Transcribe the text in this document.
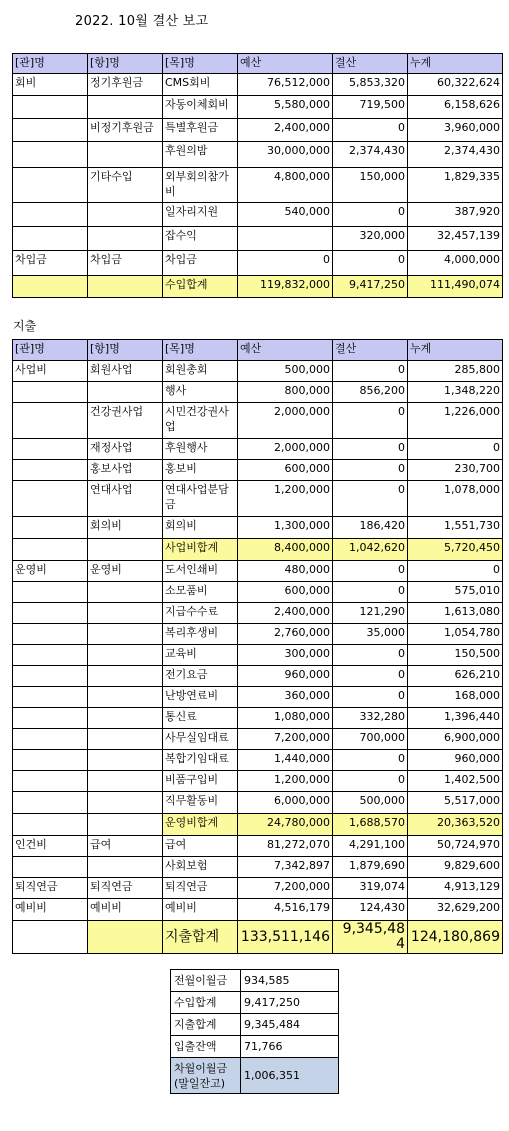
2022. 10월 결산 보고
[관]명	[항]명	[목]명	예산	결산	누계
회비	정기후원금	CMS회비	76,512,000	5,853,320	60,322,624
		자동이체회비	5,580,000	719,500	6,158,626
	비정기후원금	특별후원금	2,400,000	0	3,960,000
		후원의밤	30,000,000	2,374,430	2,374,430
	기타수입	외부회의참가비	4,800,000	150,000	1,829,335
		일자리지원	540,000	0	387,920
		잡수익		320,000	32,457,139
차입금	차입금	차입금	0	0	4,000,000
		수입합계	119,832,000	9,417,250	111,490,074
지출
[관]명	[항]명	[목]명	예산	결산	누계
사업비	회원사업	회원총회	500,000	0	285,800
		행사	800,000	856,200	1,348,220
	건강권사업	시민건강권사업	2,000,000	0	1,226,000
	재정사업	후원행사	2,000,000	0	0
	홍보사업	홍보비	600,000	0	230,700
	연대사업	연대사업분담금	1,200,000	0	1,078,000
	회의비	회의비	1,300,000	186,420	1,551,730
		사업비합계	8,400,000	1,042,620	5,720,450
운영비	운영비	도서인쇄비	480,000	0	0
		소모품비	600,000	0	575,010
		지급수수료	2,400,000	121,290	1,613,080
		복리후생비	2,760,000	35,000	1,054,780
		교육비	300,000	0	150,500
		전기요금	960,000	0	626,210
		난방연료비	360,000	0	168,000
		통신료	1,080,000	332,280	1,396,440
		사무실임대료	7,200,000	700,000	6,900,000
		복합기임대료	1,440,000	0	960,000
		비품구입비	1,200,000	0	1,402,500
		직무활동비	6,000,000	500,000	5,517,000
		운영비합계	24,780,000	1,688,570	20,363,520
인건비	급여	급여	81,272,070	4,291,100	50,724,970
		사회보험	7,342,897	1,879,690	9,829,600
퇴직연금	퇴직연금	퇴직연금	7,200,000	319,074	4,913,129
예비비	예비비	예비비	4,516,179	124,430	32,629,200
		지출합계	133,511,146	9,345,484	124,180,869
전월이월금	934,585
수입합계	9,417,250
지출합계	9,345,484
입출잔액	71,766
차월이월금
(말일잔고)	1,006,351
